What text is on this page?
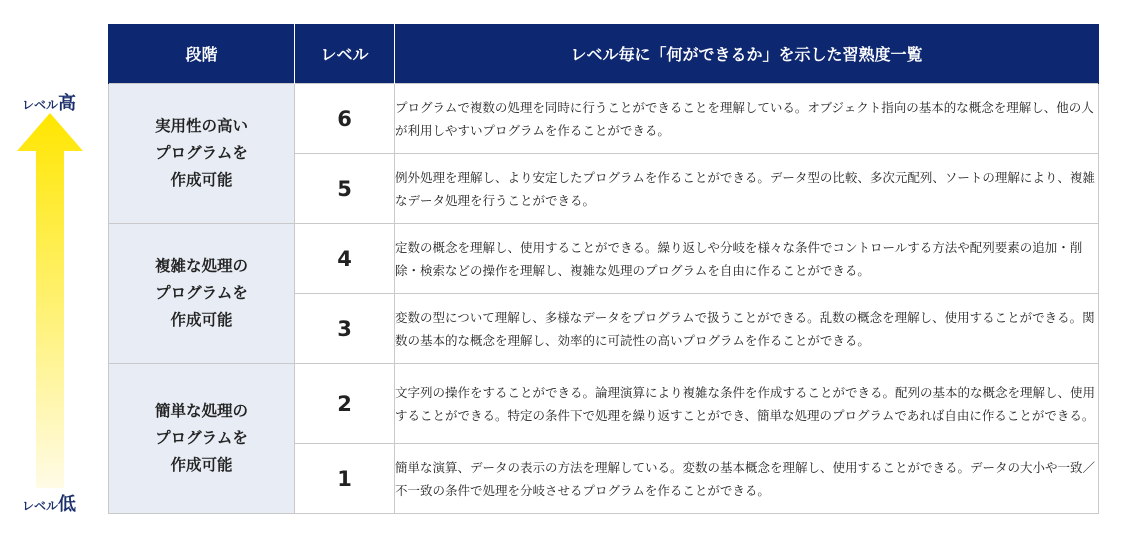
レベル高
レベル低
段階	レベル	レベル毎に「何ができるか」を示した習熟度一覧
実用性の高い
プログラムを
作成可能	6	プログラムで複数の処理を同時に行うことができることを理解している。オブジェクト指向の基本的な概念を理解し、他の人が利用しやすいプログラムを作ることができる。
	5	例外処理を理解し、より安定したプログラムを作ることができる。データ型の比較、多次元配列、ソートの理解により、複雑なデータ処理を行うことができる。
複雑な処理の
プログラムを
作成可能	4	定数の概念を理解し、使用することができる。繰り返しや分岐を様々な条件でコントロールする方法や配列要素の追加・削除・検索などの操作を理解し、複雑な処理のプログラムを自由に作ることができる。
	3	変数の型について理解し、多様なデータをプログラムで扱うことができる。乱数の概念を理解し、使用することができる。関数の基本的な概念を理解し、効率的に可読性の高いプログラムを作ることができる。
簡単な処理の
プログラムを
作成可能	2	文字列の操作をすることができる。論理演算により複雑な条件を作成することができる。配列の基本的な概念を理解し、使用することができる。特定の条件下で処理を繰り返すことができ、簡単な処理のプログラムであれば自由に作ることができる。
	1	簡単な演算、データの表示の方法を理解している。変数の基本概念を理解し、使用することができる。データの大小や一致／不一致の条件で処理を分岐させるプログラムを作ることができる。
